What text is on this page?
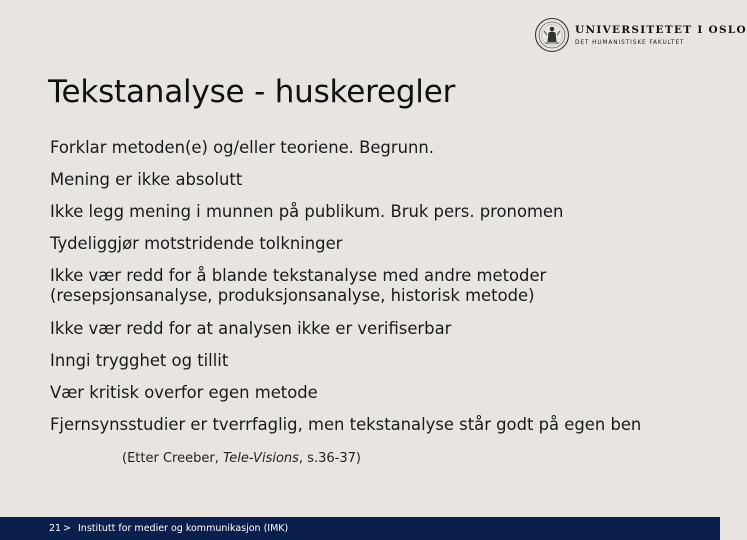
UNIVERSITETET I OSLO
DET HUMANISTISKE FAKULTET
Tekstanalyse - huskeregler
Forklar metoden(e) og/eller teoriene. Begrunn.
Mening er ikke absolutt
Ikke legg mening i munnen på publikum. Bruk pers. pronomen
Tydeliggjør motstridende tolkninger
Ikke vær redd for å blande tekstanalyse med andre metoder (resepsjonsanalyse, produksjonsanalyse, historisk metode)
Ikke vær redd for at analysen ikke er verifiserbar
Inngi trygghet og tillit
Vær kritisk overfor egen metode
Fjernsynsstudier er tverrfaglig, men tekstanalyse står godt på egen ben
(Etter Creeber, Tele-Visions, s.36-37)
21 > Institutt for medier og kommunikasjon (IMK)
